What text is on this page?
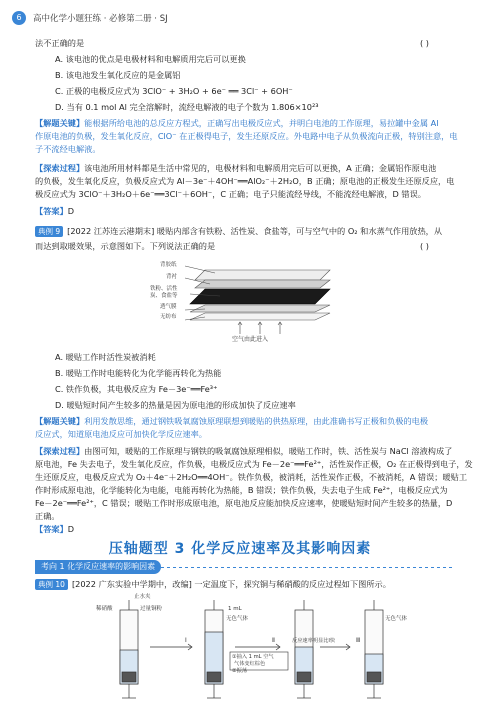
6	高中化学小题狂练 · 必修第二册 · SJ
法不正确的是	( )
A. 该电池的优点是电极材料和电解质用完后可以更换
B. 该电池发生氧化反应的是金属铝
C. 正极的电极反应式为 3ClO⁻ + 3H₂O + 6e⁻ ══ 3Cl⁻ + 6OH⁻
D. 当有 0.1 mol Al 完全溶解时，流经电解液的电子个数为 1.806×10²³
【解题关键】能根据所给电池的总反应方程式，正确写出电极反应式，并明白电池的工作原理，易拉罐中金属 Al
作原电池的负极，发生氧化反应，ClO⁻ 在正极得电子，发生还原反应。外电路中电子从负极流向正极，特别注意，电
子不流经电解液。
【探索过程】该电池所用材料都是生活中常见的，电极材料和电解质用完后可以更换，A 正确；金属铝作原电池
的负极，发生氧化反应，负极反应式为 Al－3e⁻＋4OH⁻══AlO₂⁻＋2H₂O，B 正确；原电池的正极发生还原反应，电
极反应式为 3ClO⁻＋3H₂O＋6e⁻══3Cl⁻＋6OH⁻，C 正确；电子只能流经导线，不能流经电解液，D 错误。
【答案】D
典例 9 [2022 江苏连云港期末] 暖贴内部含有铁粉、活性炭、食盐等，可与空气中的 O₂ 和水蒸气作用放热，从
而达到取暖效果，示意图如下。下列说法正确的是	( )
背胶纸
背衬
铁粉、活性
炭、食盐等
透气膜
无纺布
空气由此进入
A. 暖贴工作时活性炭被消耗
B. 暖贴工作时电能转化为化学能再转化为热能
C. 铁作负极，其电极反应为 Fe－3e⁻══Fe³⁺
D. 暖贴短时间产生较多的热量是因为原电池的形成加快了反应速率
【解题关键】利用发散思维，通过钢铁吸氧腐蚀原理联想到暖贴的供热原理，由此准确书写正极和负极的电极
反应式，知道原电池反应可加快化学反应速率。
【探索过程】由图可知，暖贴的工作原理与钢铁的吸氧腐蚀原理相似，暖贴工作时，铁、活性炭与 NaCl 溶液构成了
原电池，Fe 失去电子，发生氧化反应，作负极，电极反应式为 Fe－2e⁻══Fe²⁺，活性炭作正极，O₂ 在正极得到电子，发
生还原反应，电极反应式为 O₂＋4e⁻＋2H₂O══4OH⁻。铁作负极，被消耗，活性炭作正极，不被消耗，A 错误；暖贴工
作时形成原电池，化学能转化为电能，电能再转化为热能，B 错误；铁作负极，失去电子生成 Fe²⁺，电极反应式为
Fe－2e⁻══Fe²⁺，C 错误；暖贴工作时形成原电池，原电池反应能加快反应速率，使暖贴短时间产生较多的热量，D
正确。
压轴题型 3 化学反应速率及其影响因素
考向 1 化学反应速率的影响因素
典例 10 [2022 广东实验中学期中，改编] 一定温度下，探究铜与稀硝酸的反应过程如下图所示。
止水夹
稀硝酸	过量铜粉	1 mL
无色气体
①抽入 1 mL 空气
气体变红棕色
②振荡
反应速率明显比Ⅰ快
无色气体
Ⅰ	Ⅱ	Ⅲ
【答案】D
